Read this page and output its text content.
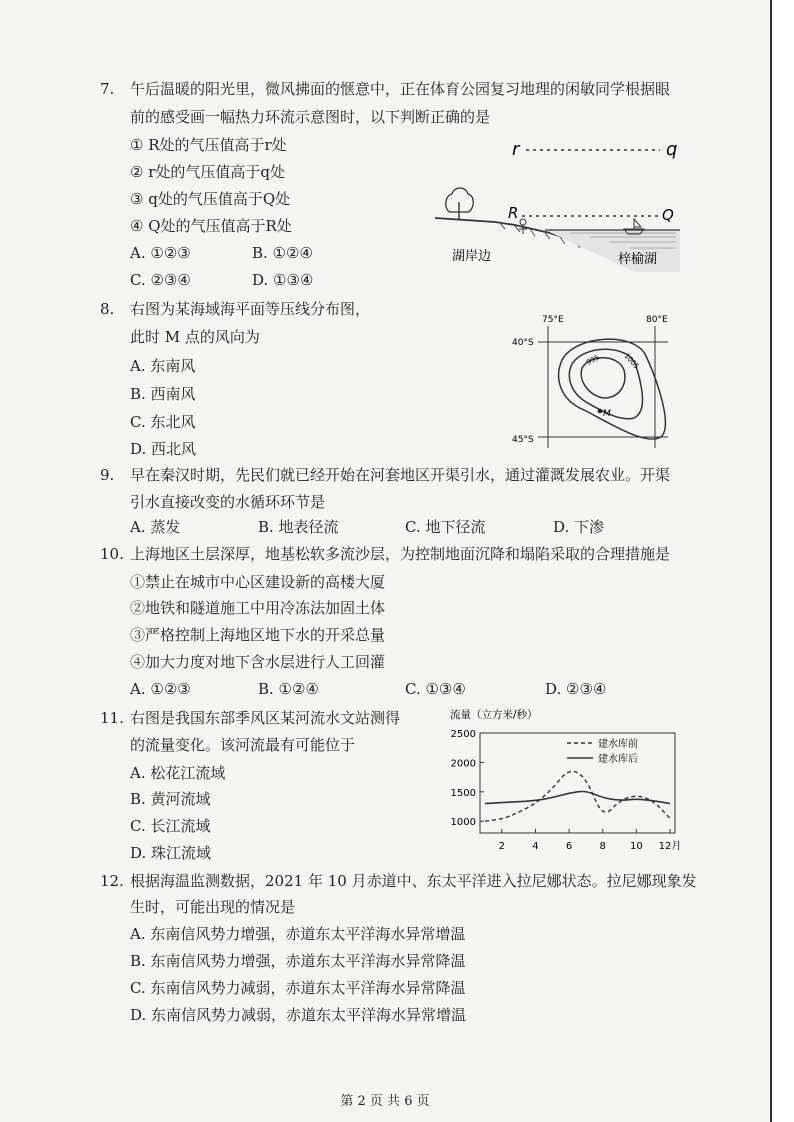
7. 午后温暖的阳光里，微风拂面的惬意中，正在体育公园复习地理的闲敏同学根据眼
前的感受画一幅热力环流示意图时，以下判断正确的是
① R处的气压值高于r处
② r处的气压值高于q处
③ q处的气压值高于Q处
④ Q处的气压值高于R处
A. ①②③	B. ①②④
C. ②③④	D. ①③④
r	q
R	Q
湖岸边	梓榆湖
8. 右图为某海域海平面等压线分布图，
此时 M 点的风向为
A. 东南风
B. 西南风
C. 东北风
D. 西北风
75°E	80°E
40°S
45°S
995	1005
M
9. 早在秦汉时期，先民们就已经开始在河套地区开渠引水，通过灌溉发展农业。开渠
引水直接改变的水循环环节是
A. 蒸发	B. 地表径流	C. 地下径流	D. 下渗
10. 上海地区土层深厚，地基松软多流沙层，为控制地面沉降和塌陷采取的合理措施是
①禁止在城市中心区建设新的高楼大厦
②地铁和隧道施工中用冷冻法加固土体
③严格控制上海地区地下水的开采总量
④加大力度对地下含水层进行人工回灌
A. ①②③	B. ①②④	C. ①③④	D. ②③④
11. 右图是我国东部季风区某河流水文站测得
的流量变化。该河流最有可能位于
A. 松花江流域
B. 黄河流域
C. 长江流域
D. 珠江流域
流量（立方米/秒）
2500
2000
1500
1000
2	4	6	8 10 12月
建水库前
建水库后
12. 根据海温监测数据，2021 年 10 月赤道中、东太平洋进入拉尼娜状态。拉尼娜现象发
生时，可能出现的情况是
A. 东南信风势力增强，赤道东太平洋海水异常增温
B. 东南信风势力增强，赤道东太平洋海水异常降温
C. 东南信风势力减弱，赤道东太平洋海水异常降温
D. 东南信风势力减弱，赤道东太平洋海水异常增温
第 2 页 共 6 页
